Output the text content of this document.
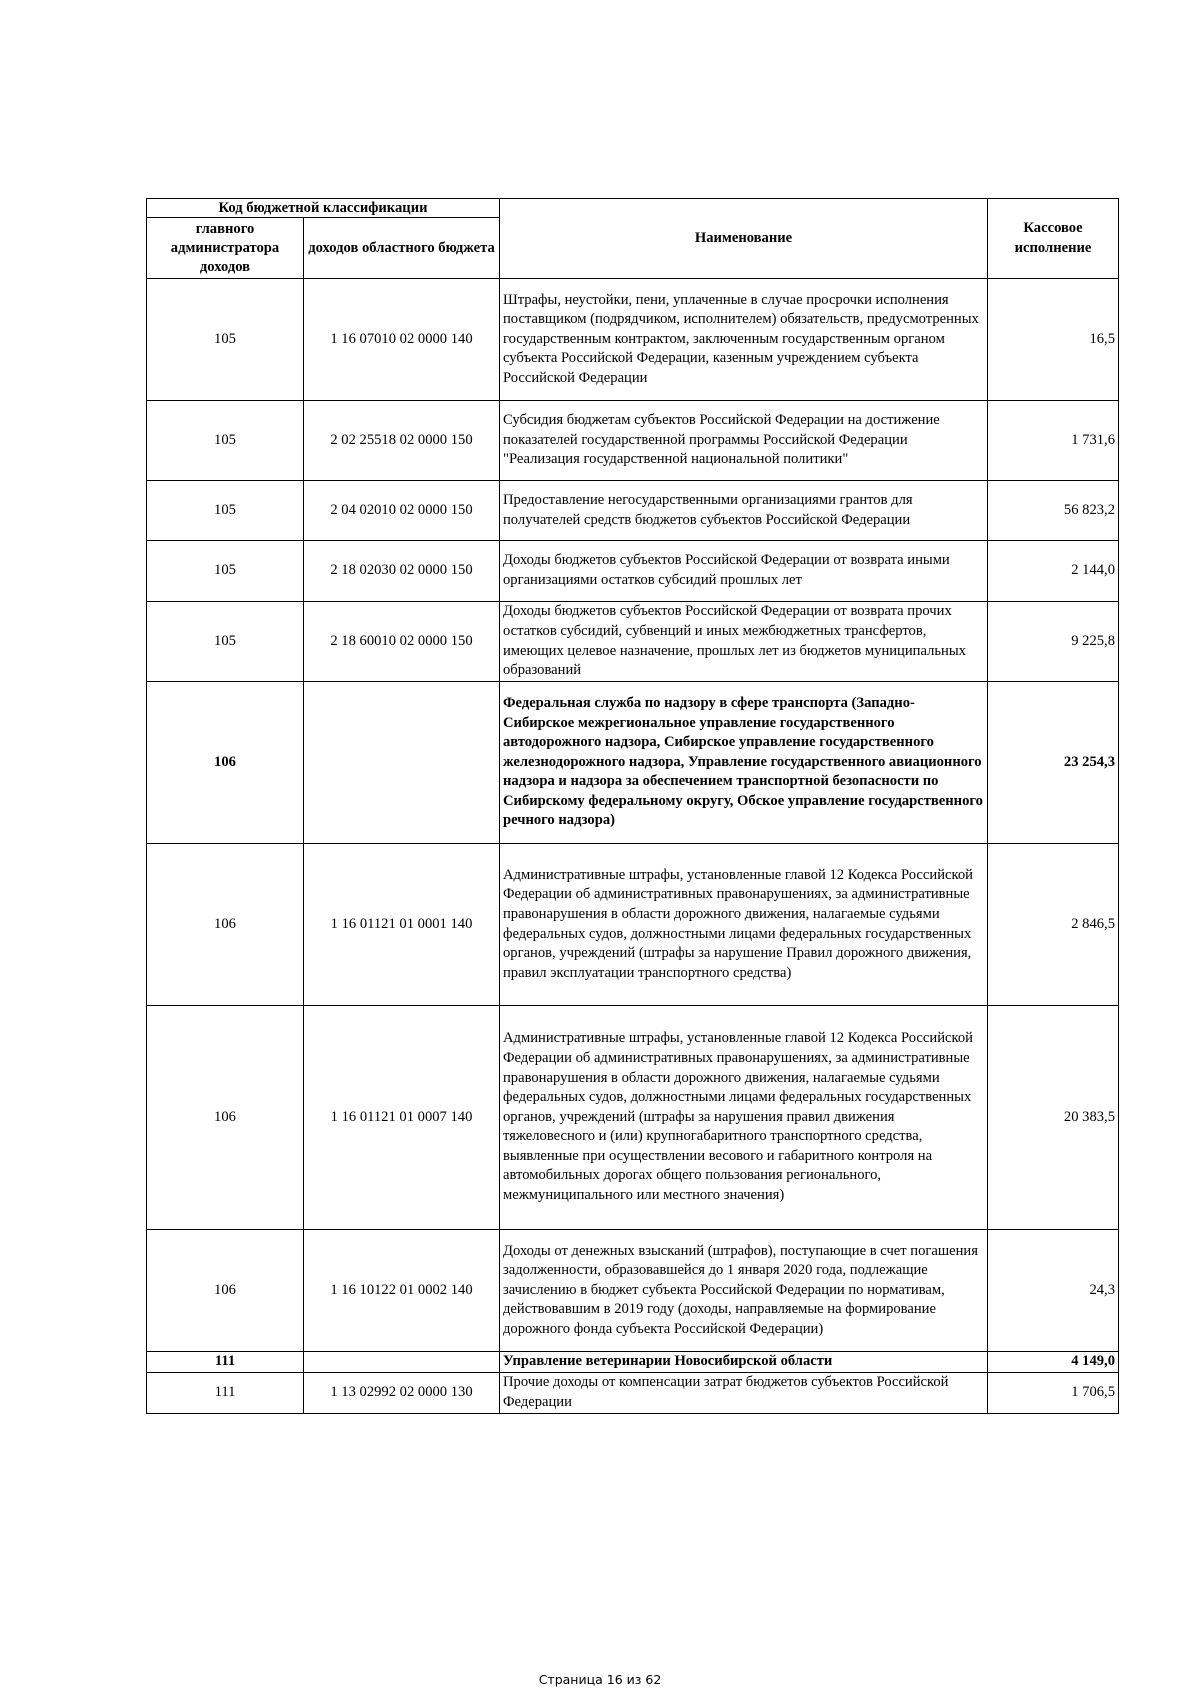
Код бюджетной классификации		Наименование	Кассовое исполнение
главного администратора доходов	доходов областного бюджета		
105	1 16 07010 02 0000 140	Штрафы, неустойки, пени, уплаченные в случае просрочки исполнения поставщиком (подрядчиком, исполнителем) обязательств, предусмотренных государственным контрактом, заключенным государственным органом субъекта Российской Федерации, казенным учреждением субъекта Российской Федерации	16,5
105	2 02 25518 02 0000 150	Субсидия бюджетам субъектов Российской Федерации на достижение показателей государственной программы Российской Федерации "Реализация государственной национальной политики"	1 731,6
105	2 04 02010 02 0000 150	Предоставление негосударственными организациями грантов для получателей средств бюджетов субъектов Российской Федерации	56 823,2
105	2 18 02030 02 0000 150	Доходы бюджетов субъектов Российской Федерации от возврата иными организациями остатков субсидий прошлых лет	2 144,0
105	2 18 60010 02 0000 150	Доходы бюджетов субъектов Российской Федерации от возврата прочих остатков субсидий, субвенций и иных межбюджетных трансфертов, имеющих целевое назначение, прошлых лет из бюджетов муниципальных образований	9 225,8
106		Федеральная служба по надзору в сфере транспорта (Западно-Сибирское межрегиональное управление государственного автодорожного надзора, Сибирское управление государственного железнодорожного надзора, Управление государственного авиационного надзора и надзора за обеспечением транспортной безопасности по Сибирскому федеральному округу, Обское управление государственного речного надзора)	23 254,3
106	1 16 01121 01 0001 140	Административные штрафы, установленные главой 12 Кодекса Российской Федерации об административных правонарушениях, за административные правонарушения в области дорожного движения, налагаемые судьями федеральных судов, должностными лицами федеральных государственных органов, учреждений (штрафы за нарушение Правил дорожного движения, правил эксплуатации транспортного средства)	2 846,5
106	1 16 01121 01 0007 140	Административные штрафы, установленные главой 12 Кодекса Российской Федерации об административных правонарушениях, за административные правонарушения в области дорожного движения, налагаемые судьями федеральных судов, должностными лицами федеральных государственных органов, учреждений (штрафы за нарушения правил движения тяжеловесного и (или) крупногабаритного транспортного средства, выявленные при осуществлении весового и габаритного контроля на автомобильных дорогах общего пользования регионального, межмуниципального или местного значения)	20 383,5
106	1 16 10122 01 0002 140	Доходы от денежных взысканий (штрафов), поступающие в счет погашения задолженности, образовавшейся до 1 января 2020 года, подлежащие зачислению в бюджет субъекта Российской Федерации по нормативам, действовавшим в 2019 году (доходы, направляемые на формирование дорожного фонда субъекта Российской Федерации)	24,3
111		Управление ветеринарии Новосибирской области	4 149,0
111	1 13 02992 02 0000 130	Прочие доходы от компенсации затрат бюджетов субъектов Российской Федерации	1 706,5
Страница 16 из 62
